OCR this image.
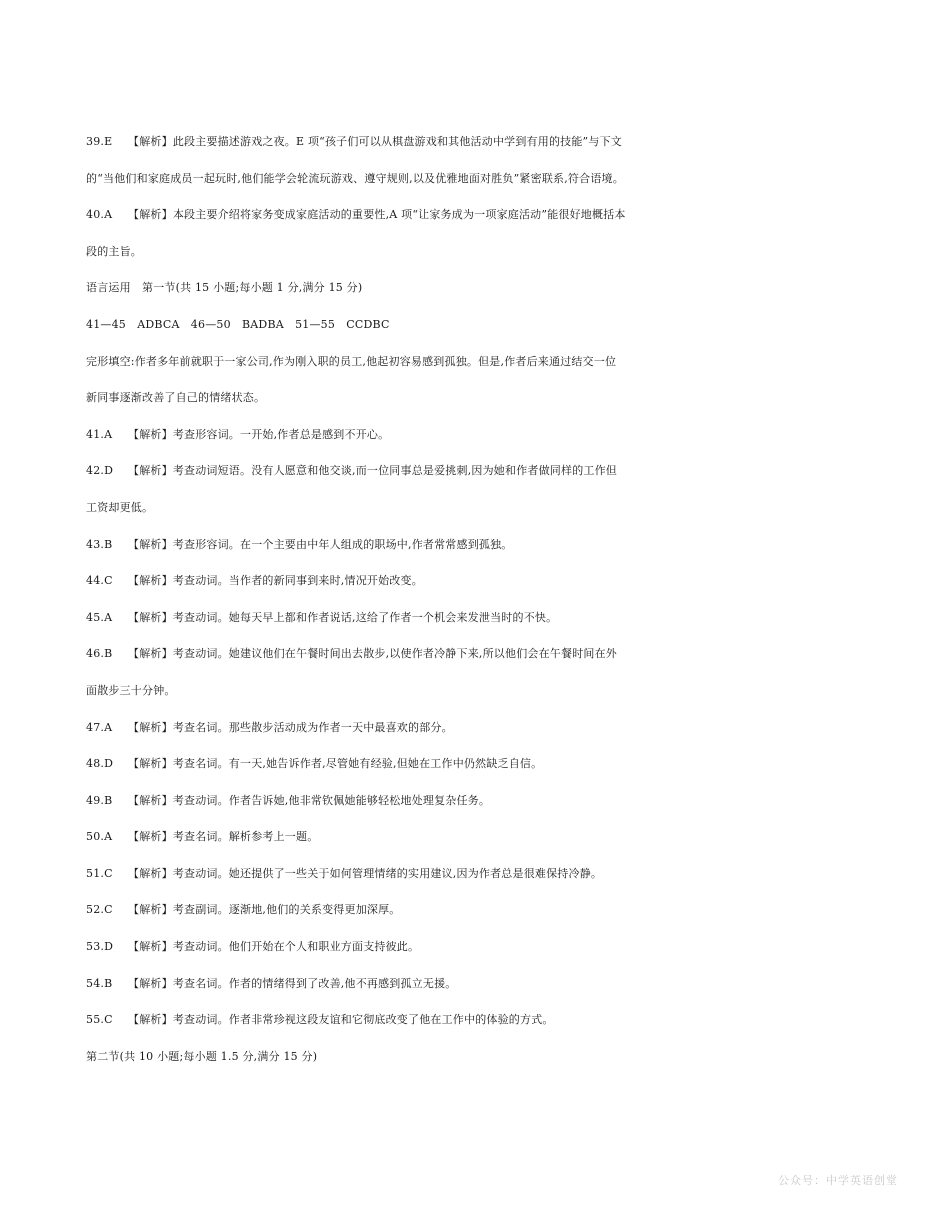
39.E 【解析】此段主要描述游戏之夜。E 项“孩子们可以从棋盘游戏和其他活动中学到有用的技能”与下文
的“当他们和家庭成员一起玩时,他们能学会轮流玩游戏、遵守规则,以及优雅地面对胜负”紧密联系,符合语境。
40.A 【解析】本段主要介绍将家务变成家庭活动的重要性,A 项“让家务成为一项家庭活动”能很好地概括本
段的主旨。
语言运用　第一节(共 15 小题;每小题 1 分,满分 15 分)
41—45　ADBCA　46—50　BADBA　51—55　CCDBC
完形填空:作者多年前就职于一家公司,作为刚入职的员工,他起初容易感到孤独。但是,作者后来通过结交一位
新同事逐渐改善了自己的情绪状态。
41.A 【解析】考查形容词。一开始,作者总是感到不开心。
42.D 【解析】考查动词短语。没有人愿意和他交谈,而一位同事总是爱挑刺,因为她和作者做同样的工作但
工资却更低。
43.B 【解析】考查形容词。在一个主要由中年人组成的职场中,作者常常感到孤独。
44.C 【解析】考查动词。当作者的新同事到来时,情况开始改变。
45.A 【解析】考查动词。她每天早上都和作者说话,这给了作者一个机会来发泄当时的不快。
46.B 【解析】考查动词。她建议他们在午餐时间出去散步,以使作者冷静下来,所以他们会在午餐时间在外
面散步三十分钟。
47.A 【解析】考查名词。那些散步活动成为作者一天中最喜欢的部分。
48.D 【解析】考查名词。有一天,她告诉作者,尽管她有经验,但她在工作中仍然缺乏自信。
49.B 【解析】考查动词。作者告诉她,他非常钦佩她能够轻松地处理复杂任务。
50.A 【解析】考查名词。解析参考上一题。
51.C 【解析】考查动词。她还提供了一些关于如何管理情绪的实用建议,因为作者总是很难保持冷静。
52.C 【解析】考查副词。逐渐地,他们的关系变得更加深厚。
53.D 【解析】考查动词。他们开始在个人和职业方面支持彼此。
54.B 【解析】考查名词。作者的情绪得到了改善,他不再感到孤立无援。
55.C 【解析】考查动词。作者非常珍视这段友谊和它彻底改变了他在工作中的体验的方式。
第二节(共 10 小题;每小题 1.5 分,满分 15 分)
公众号：中学英语创堂
